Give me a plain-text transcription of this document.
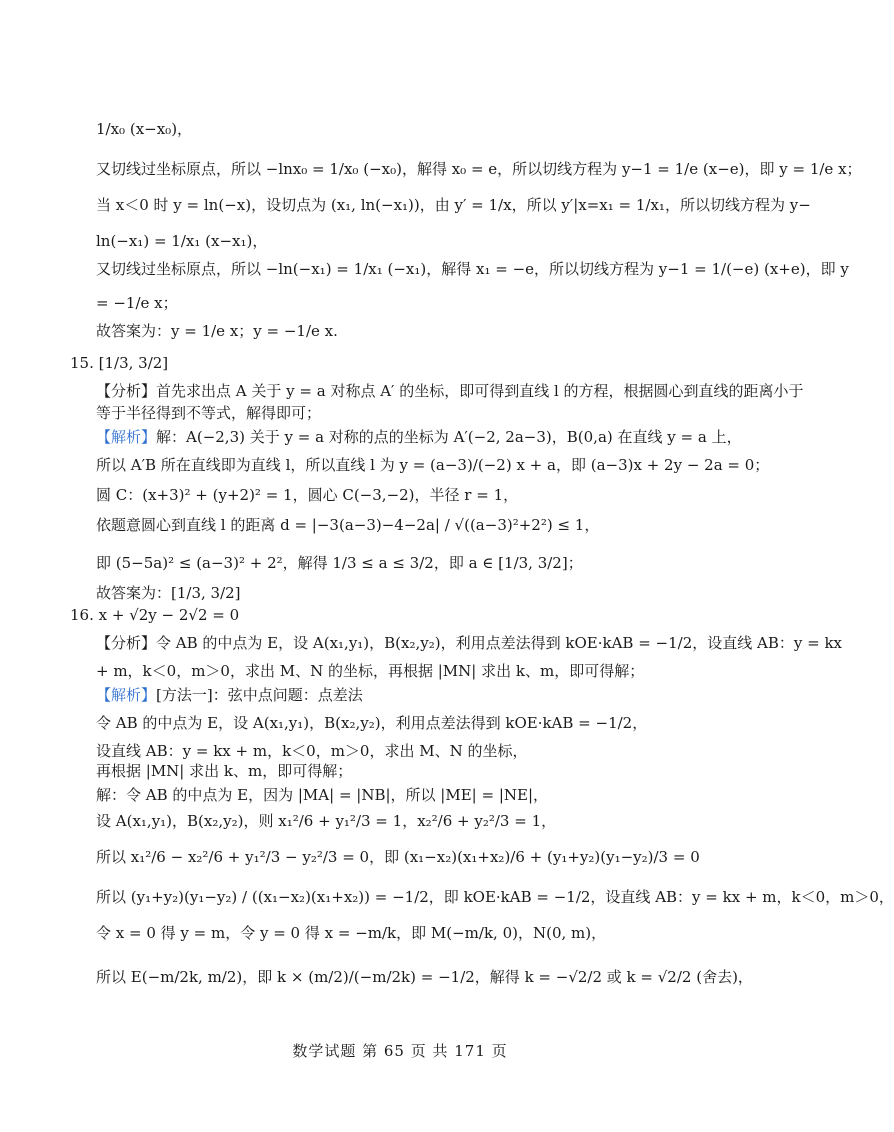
1/x₀ (x−x₀)，
又切线过坐标原点，所以 −lnx₀ = 1/x₀ (−x₀)，解得 x₀ = e，所以切线方程为 y−1 = 1/e (x−e)，即 y = 1/e x；
当 x＜0 时 y = ln(−x)，设切点为 (x₁, ln(−x₁))，由 y′ = 1/x，所以 y′|x=x₁ = 1/x₁，所以切线方程为 y−
ln(−x₁) = 1/x₁ (x−x₁)，
又切线过坐标原点，所以 −ln(−x₁) = 1/x₁ (−x₁)，解得 x₁ = −e，所以切线方程为 y−1 = 1/(−e) (x+e)，即 y
= −1/e x；
故答案为：y = 1/e x；y = −1/e x.
15. [1/3, 3/2]
【分析】首先求出点 A 关于 y = a 对称点 A′ 的坐标，即可得到直线 l 的方程，根据圆心到直线的距离小于
等于半径得到不等式，解得即可；
【解析】解：A(−2,3) 关于 y = a 对称的点的坐标为 A′(−2, 2a−3)，B(0,a) 在直线 y = a 上，
所以 A′B 所在直线即为直线 l，所以直线 l 为 y = (a−3)/(−2) x + a，即 (a−3)x + 2y − 2a = 0；
圆 C：(x+3)² + (y+2)² = 1，圆心 C(−3,−2)，半径 r = 1，
依题意圆心到直线 l 的距离 d = |−3(a−3)−4−2a| / √((a−3)²+2²) ≤ 1，
即 (5−5a)² ≤ (a−3)² + 2²，解得 1/3 ≤ a ≤ 3/2，即 a ∈ [1/3, 3/2]；
故答案为：[1/3, 3/2]
16. x + √2y − 2√2 = 0
【分析】令 AB 的中点为 E，设 A(x₁,y₁)，B(x₂,y₂)，利用点差法得到 kOE·kAB = −1/2，设直线 AB：y = kx
+ m，k＜0，m＞0，求出 M、N 的坐标，再根据 |MN| 求出 k、m，即可得解；
【解析】[方法一]：弦中点问题：点差法
令 AB 的中点为 E，设 A(x₁,y₁)，B(x₂,y₂)，利用点差法得到 kOE·kAB = −1/2，
设直线 AB：y = kx + m，k＜0，m＞0，求出 M、N 的坐标，
再根据 |MN| 求出 k、m，即可得解；
解：令 AB 的中点为 E，因为 |MA| = |NB|，所以 |ME| = |NE|，
设 A(x₁,y₁)，B(x₂,y₂)，则 x₁²/6 + y₁²/3 = 1，x₂²/6 + y₂²/3 = 1，
所以 x₁²/6 − x₂²/6 + y₁²/3 − y₂²/3 = 0，即 (x₁−x₂)(x₁+x₂)/6 + (y₁+y₂)(y₁−y₂)/3 = 0
所以 (y₁+y₂)(y₁−y₂) / ((x₁−x₂)(x₁+x₂)) = −1/2，即 kOE·kAB = −1/2，设直线 AB：y = kx + m，k＜0，m＞0，
令 x = 0 得 y = m，令 y = 0 得 x = −m/k，即 M(−m/k, 0)，N(0, m)，
所以 E(−m/2k, m/2)，即 k × (m/2)/(−m/2k) = −1/2，解得 k = −√2/2 或 k = √2/2 (舍去)，
数学试题 第 65 页 共 171 页
